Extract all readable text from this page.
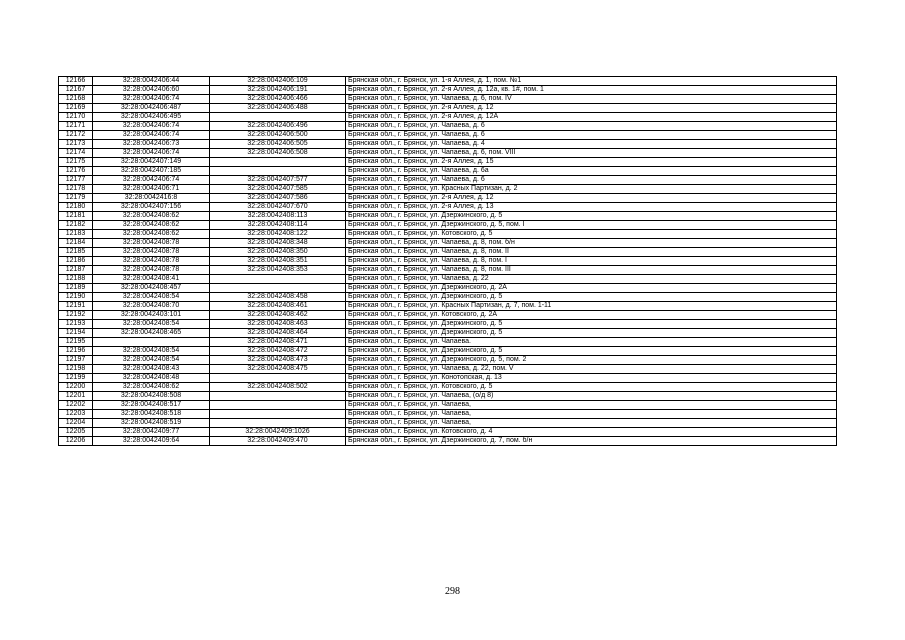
12166	32:28:0042406:44	32:28:0042406:109	Брянская обл., г. Брянск, ул. 1-я Аллея, д. 1, пом. №1
12167	32:28:0042406:60	32:28:0042406:191	Брянская обл., г. Брянск, ул. 2-я Аллея, д. 12а, кв. 1#, пом. 1
12168	32:28:0042406:74	32:28:0042406:466	Брянская обл., г. Брянск, ул. Чапаева, д. 6, пом. IV
12169	32:28:0042406:487	32:28:0042406:488	Брянская обл., г. Брянск, ул. 2-я Аллея, д. 12
12170	32:28:0042406:495		Брянская обл., г. Брянск, ул. 2-я Аллея, д. 12А
12171	32:28:0042406:74	32:28:0042406:496	Брянская обл., г. Брянск, ул. Чапаева, д. 6
12172	32:28:0042406:74	32:28:0042406:500	Брянская обл., г. Брянск, ул. Чапаева, д. 6
12173	32:28:0042406:73	32:28:0042406:505	Брянская обл., г. Брянск, ул. Чапаева, д. 4
12174	32:28:0042406:74	32:28:0042406:508	Брянская обл., г. Брянск, ул. Чапаева, д. 6, пом. VIII
12175	32:28:0042407:149		Брянская обл., г. Брянск, ул. 2-я Аллея, д. 15
12176	32:28:0042407:185		Брянская обл., г. Брянск, ул. Чапаева, д. 6а
12177	32:28:0042406:74	32:28:0042407:577	Брянская обл., г. Брянск, ул. Чапаева, д. 6
12178	32:28:0042406:71	32:28:0042407:585	Брянская обл., г. Брянск, ул. Красных Партизан, д. 2
12179	32:28:0042416:8	32:28:0042407:586	Брянская обл., г. Брянск, ул. 2-я Аллея, д. 12
12180	32:28:0042407:156	32:28:0042407:670	Брянская обл., г. Брянск, ул. 2-я Аллея, д. 13
12181	32:28:0042408:62	32:28:0042408:113	Брянская обл., г. Брянск, ул. Дзержинского, д. 5
12182	32:28:0042408:62	32:28:0042408:114	Брянская обл., г. Брянск, ул. Дзержинского, д. 5, пом. I
12183	32:28:0042408:62	32:28:0042408:122	Брянская обл., г. Брянск, ул. Котовского, д. 5
12184	32:28:0042408:78	32:28:0042408:348	Брянская обл., г. Брянск, ул. Чапаева, д. 8, пом. б/н
12185	32:28:0042408:78	32:28:0042408:350	Брянская обл., г. Брянск, ул. Чапаева, д. 8, пом. II
12186	32:28:0042408:78	32:28:0042408:351	Брянская обл., г. Брянск, ул. Чапаева, д. 8, пом. I
12187	32:28:0042408:78	32:28:0042408:353	Брянская обл., г. Брянск, ул. Чапаева, д. 8, пом. III
12188	32:28:0042408:41		Брянская обл., г. Брянск, ул. Чапаева, д. 22
12189	32:28:0042408:457		Брянская обл., г. Брянск, ул. Дзержинского, д. 2А
12190	32:28:0042408:54	32:28:0042408:458	Брянская обл., г. Брянск, ул. Дзержинского, д. 5
12191	32:28:0042408:70	32:28:0042408:461	Брянская обл., г. Брянск, ул. Красных Партизан, д. 7, пом. 1-11
12192	32:28:0042403:101	32:28:0042408:462	Брянская обл., г. Брянск, ул. Котовского, д. 2А
12193	32:28:0042408:54	32:28:0042408:463	Брянская обл., г. Брянск, ул. Дзержинского, д. 5
12194	32:28:0042408:465	32:28:0042408:464	Брянская обл., г. Брянск, ул. Дзержинского, д. 5
12195		32:28:0042408:471	Брянская обл., г. Брянск, ул. Чапаева.
12196	32:28:0042408:54	32:28:0042408:472	Брянская обл., г. Брянск, ул. Дзержинского, д. 5
12197	32:28:0042408:54	32:28:0042408:473	Брянская обл., г. Брянск, ул. Дзержинского, д. 5, пом. 2
12198	32:28:0042408:43	32:28:0042408:475	Брянская обл., г. Брянск, ул. Чапаева, д. 22, пом. V
12199	32:28:0042408:48		Брянская обл., г. Брянск, ул. Конотопская, д. 13
12200	32:28:0042408:62	32:28:0042408:502	Брянская обл., г. Брянск, ул. Котовского, д. 5
12201	32:28:0042408:508		Брянская обл., г. Брянск, ул. Чапаева, (о/д 8)
12202	32:28:0042408:517		Брянская обл., г. Брянск, ул. Чапаева,
12203	32:28:0042408:518		Брянская обл., г. Брянск, ул. Чапаева,
12204	32:28:0042408:519		Брянская обл., г. Брянск, ул. Чапаева,
12205	32:28:0042409:77	32:28:0042409:1026	Брянская обл., г. Брянск, ул. Котовского, д. 4
12206	32:28:0042409:64	32:28:0042409:470	Брянская обл., г. Брянск, ул. Дзержинского, д. 7, пом. б/н
298
